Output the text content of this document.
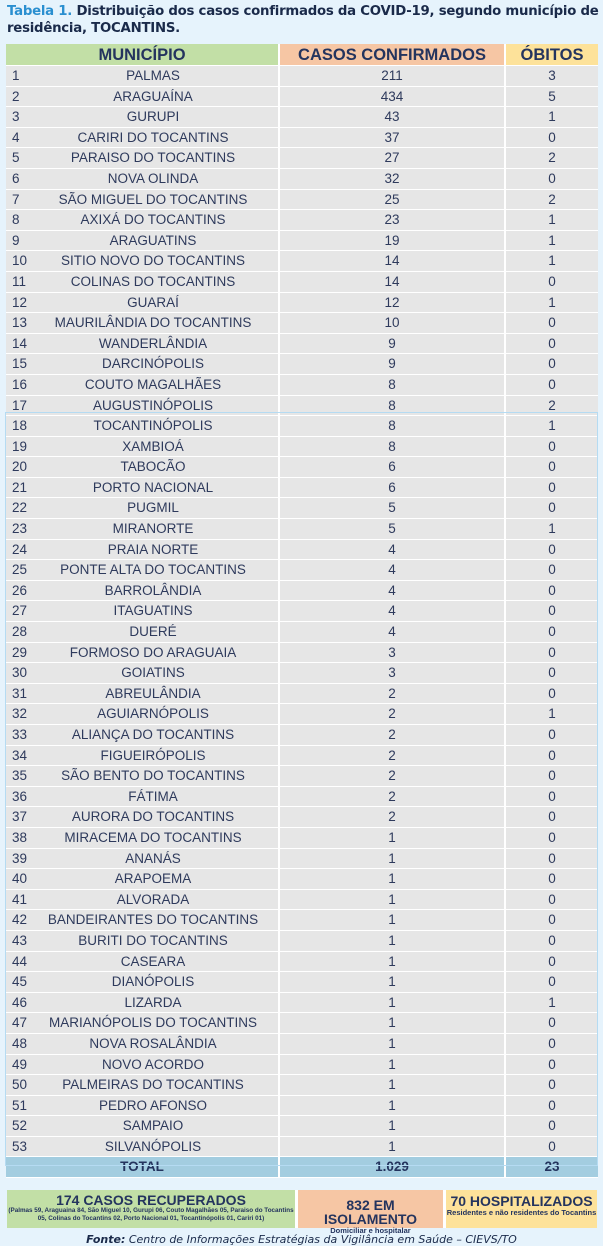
Tabela 1. Distribuição dos casos confirmados da COVID-19, segundo município de residência, TOCANTINS.
MUNICÍPIO	CASOS CONFIRMADOS	ÓBITOS
1	PALMAS	211	3
2	ARAGUAÍNA	434	5
3	GURUPI	43	1
4	CARIRI DO TOCANTINS	37	0
5	PARAISO DO TOCANTINS	27	2
6	NOVA OLINDA	32	0
7	SÃO MIGUEL DO TOCANTINS	25	2
8	AXIXÁ DO TOCANTINS	23	1
9	ARAGUATINS	19	1
10	SITIO NOVO DO TOCANTINS	14	1
11	COLINAS DO TOCANTINS	14	0
12	GUARAÍ	12	1
13	MAURILÂNDIA DO TOCANTINS	10	0
14	WANDERLÂNDIA	9	0
15	DARCINÓPOLIS	9	0
16	COUTO MAGALHÃES	8	0
17	AUGUSTINÓPOLIS	8	2
18	TOCANTINÓPOLIS	8	1
19	XAMBIOÁ	8	0
20	TABOCÃO	6	0
21	PORTO NACIONAL	6	0
22	PUGMIL	5	0
23	MIRANORTE	5	1
24	PRAIA NORTE	4	0
25	PONTE ALTA DO TOCANTINS	4	0
26	BARROLÂNDIA	4	0
27	ITAGUATINS	4	0
28	DUERÉ	4	0
29	FORMOSO DO ARAGUAIA	3	0
30	GOIATINS	3	0
31	ABREULÂNDIA	2	0
32	AGUIARNÓPOLIS	2	1
33	ALIANÇA DO TOCANTINS	2	0
34	FIGUEIRÓPOLIS	2	0
35	SÃO BENTO DO TOCANTINS	2	0
36	FÁTIMA	2	0
37	AURORA DO TOCANTINS	2	0
38	MIRACEMA DO TOCANTINS	1	0
39	ANANÁS	1	0
40	ARAPOEMA	1	0
41	ALVORADA	1	0
42	BANDEIRANTES DO TOCANTINS	1	0
43	BURITI DO TOCANTINS	1	0
44	CASEARA	1	0
45	DIANÓPOLIS	1	0
46	LIZARDA	1	1
47	MARIANÓPOLIS DO TOCANTINS	1	0
48	NOVA ROSALÂNDIA	1	0
49	NOVO ACORDO	1	0
50	PALMEIRAS DO TOCANTINS	1	0
51	PEDRO AFONSO	1	0
52	SAMPAIO	1	0
53	SILVANÓPOLIS	1	0
TOTAL	1.029	23
174 CASOS RECUPERADOS
(Palmas 59, Araguaina 84, São Miguel 10, Gurupi 06, Couto Magalhães 05, Paraiso do Tocantins 05, Colinas do Tocantins 02, Porto Nacional 01, Tocantinópolis 01, Cariri 01)
832 EM ISOLAMENTO
Domiciliar e hospitalar
70 HOSPITALIZADOS
Residentes e não residentes do Tocantins
Fonte: Centro de Informações Estratégias da Vigilância em Saúde – CIEVS/TO
